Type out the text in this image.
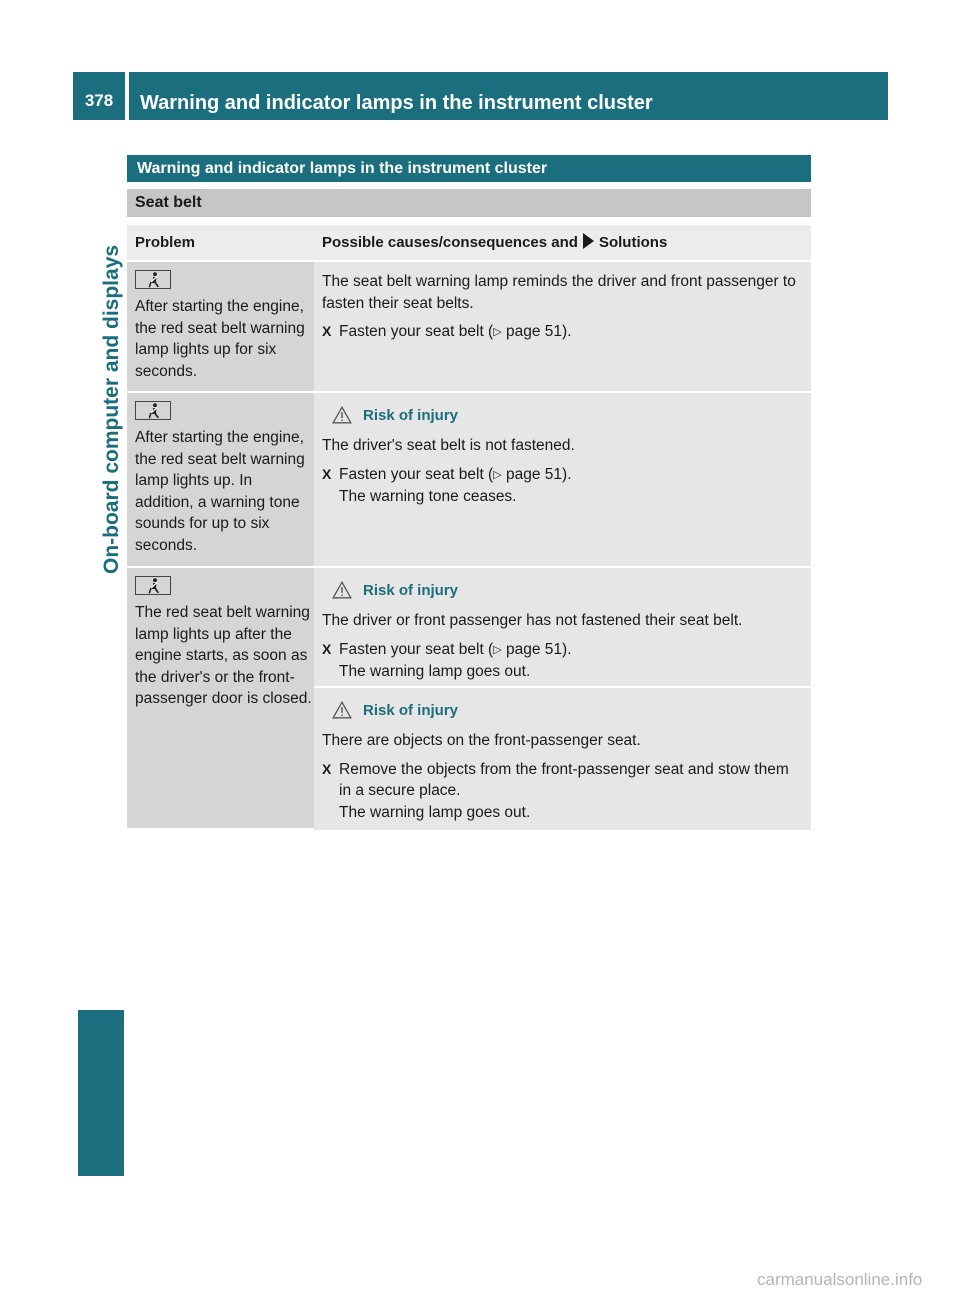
378	Warning and indicator lamps in the instrument cluster
On-board computer and displays
Warning and indicator lamps in the instrument cluster
Seat belt
Problem	Possible causes/consequences and Solutions
After starting the engine, the red seat belt warning lamp lights up for six seconds.
The seat belt warning lamp reminds the driver and front passenger to fasten their seat belts.
X Fasten your seat belt (▷ page 51).
After starting the engine, the red seat belt warning lamp lights up. In addition, a warning tone sounds for up to six seconds.
Risk of injury
The driver's seat belt is not fastened.
X Fasten your seat belt (▷ page 51).
The warning tone ceases.
The red seat belt warning lamp lights up after the engine starts, as soon as the driver's or the front-passenger door is closed.
Risk of injury
The driver or front passenger has not fastened their seat belt.
X Fasten your seat belt (▷ page 51).
The warning lamp goes out.
Risk of injury
There are objects on the front-passenger seat.
X Remove the objects from the front-passenger seat and stow them in a secure place.
The warning lamp goes out.
carmanualsonline.info
